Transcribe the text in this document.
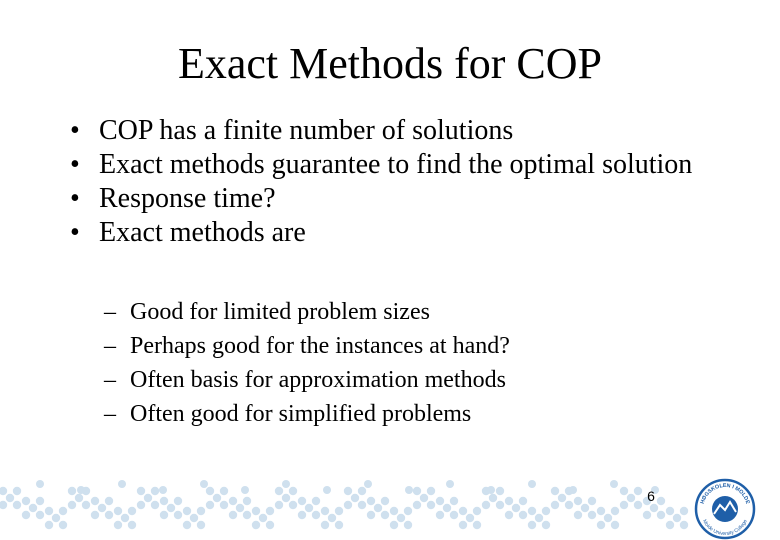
Exact Methods for COP
• COP has a finite number of solutions
• Exact methods guarantee to find the optimal solution
• Response time?
• Exact methods are
– Good for limited problem sizes
– Perhaps good for the instances at hand?
– Often basis for approximation methods
– Often good for simplified problems
6	HØGSKOLEN I MOLDE
Molde University College
